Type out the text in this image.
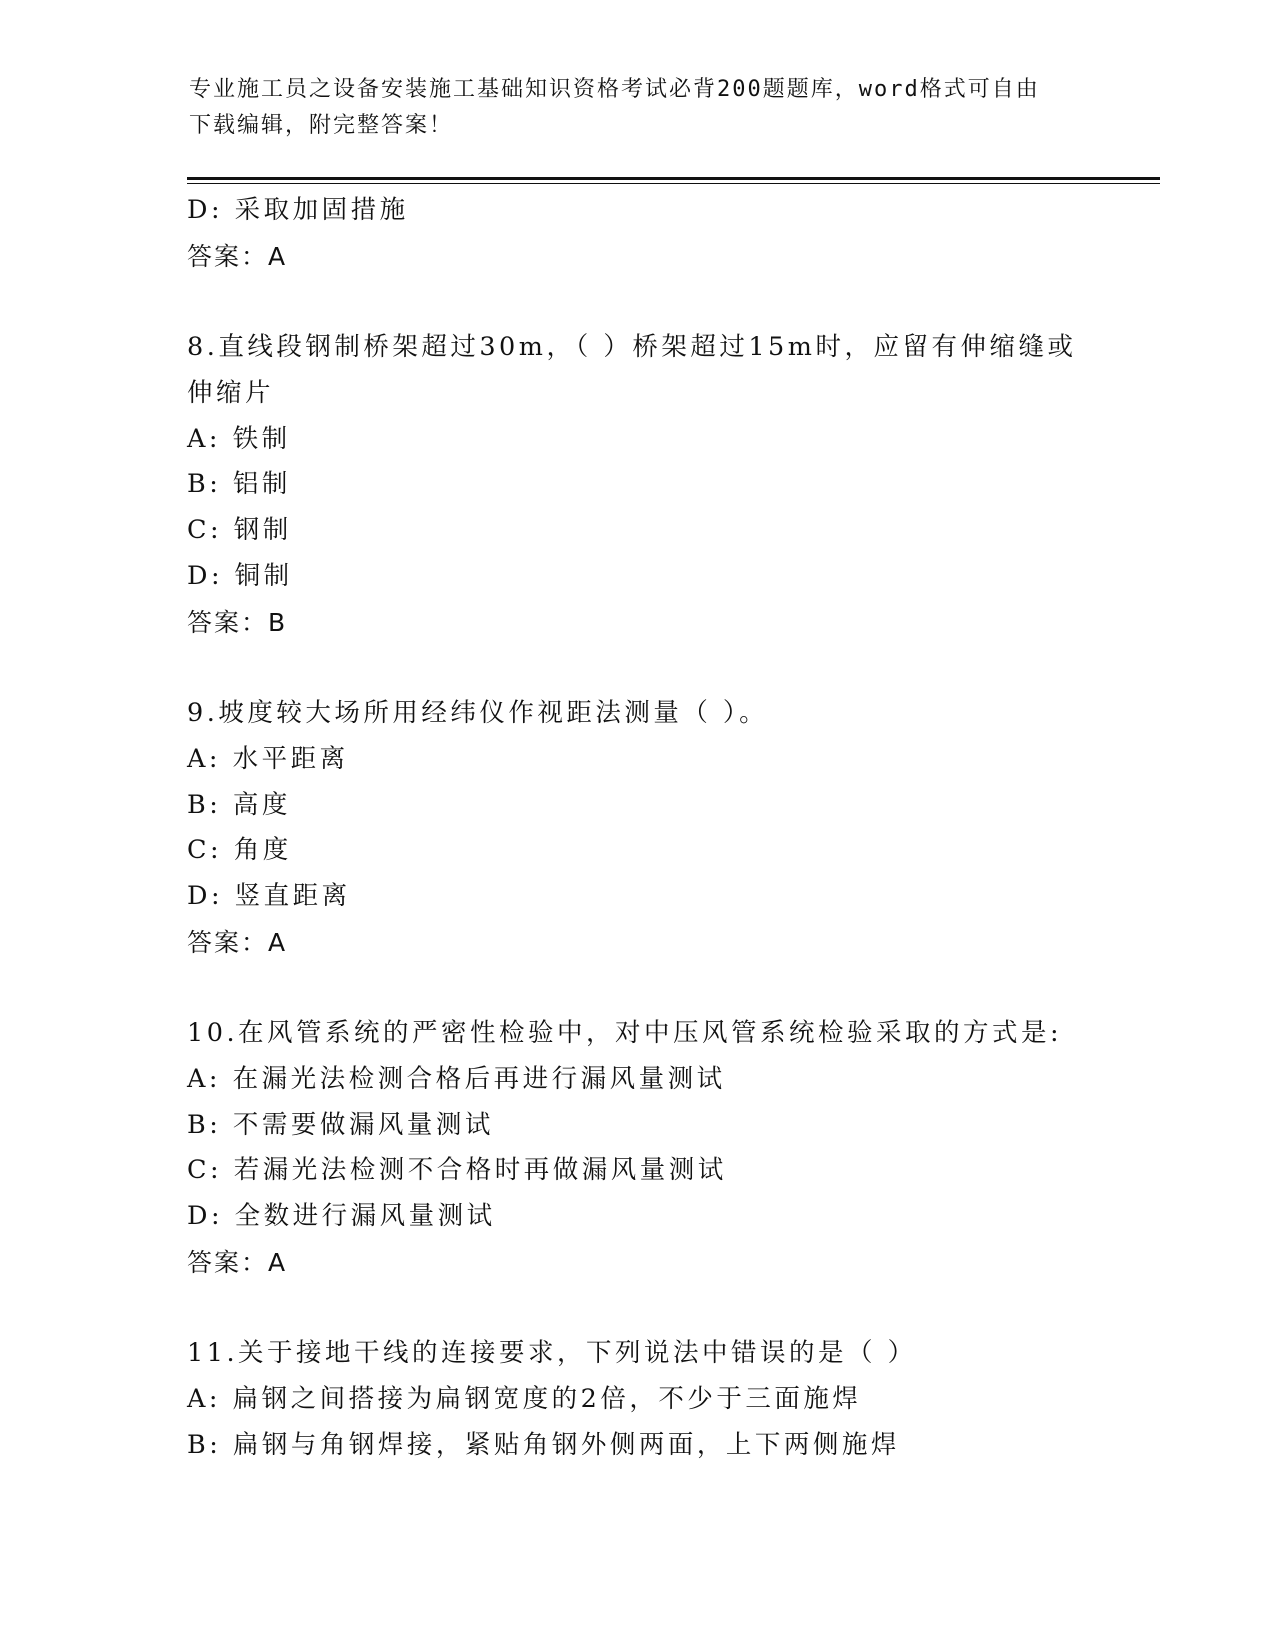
专业施工员之设备安装施工基础知识资格考试必背200题题库，word格式可自由
下载编辑，附完整答案！
D: 采取加固措施
答案：A
8.直线段钢制桥架超过30m，（ ）桥架超过15m时，应留有伸缩缝或
伸缩片
A: 铁制
B: 铝制
C: 钢制
D: 铜制
答案：B
9.坡度较大场所用经纬仪作视距法测量（ ）。
A: 水平距离
B: 高度
C: 角度
D: 竖直距离
答案：A
10.在风管系统的严密性检验中，对中压风管系统检验采取的方式是:
A: 在漏光法检测合格后再进行漏风量测试
B: 不需要做漏风量测试
C: 若漏光法检测不合格时再做漏风量测试
D: 全数进行漏风量测试
答案：A
11.关于接地干线的连接要求，下列说法中错误的是（ ）
A: 扁钢之间搭接为扁钢宽度的2倍，不少于三面施焊
B: 扁钢与角钢焊接，紧贴角钢外侧两面，上下两侧施焊
